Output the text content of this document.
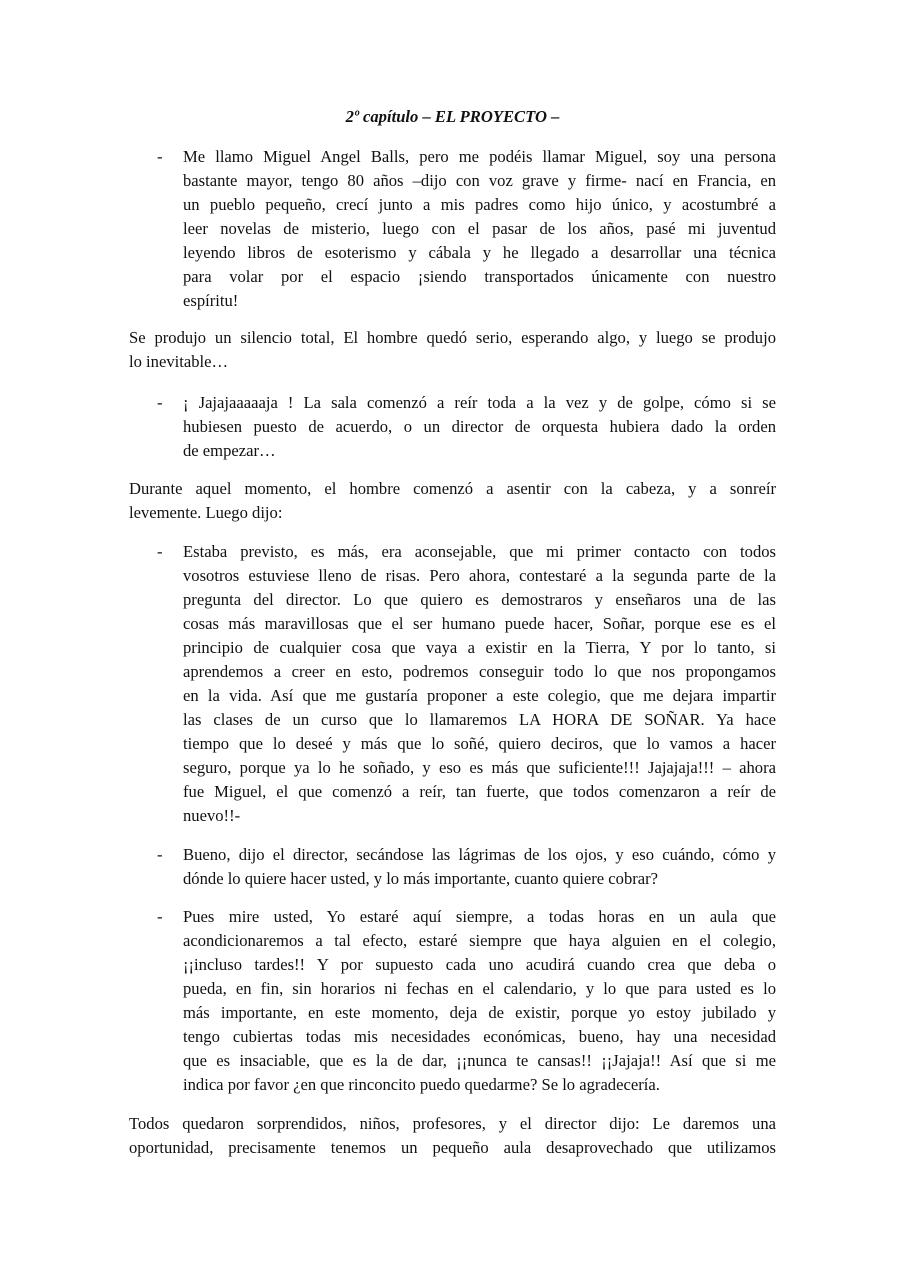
2º capítulo – EL PROYECTO –
- Me llamo Miguel Angel Balls, pero me podéis llamar Miguel, soy una persona
bastante mayor, tengo 80 años –dijo con voz grave y firme- nací en Francia, en
un pueblo pequeño, crecí junto a mis padres como hijo único, y acostumbré a
leer novelas de misterio, luego con el pasar de los años, pasé mi juventud
leyendo libros de esoterismo y cábala y he llegado a desarrollar una técnica
para volar por el espacio ¡siendo transportados únicamente con nuestro
espíritu!
Se produjo un silencio total, El hombre quedó serio, esperando algo, y luego se produjo
lo inevitable…
- ¡ Jajajaaaaaja ! La sala comenzó a reír toda a la vez y de golpe, cómo si se
hubiesen puesto de acuerdo, o un director de orquesta hubiera dado la orden
de empezar…
Durante aquel momento, el hombre comenzó a asentir con la cabeza, y a sonreír
levemente. Luego dijo:
- Estaba previsto, es más, era aconsejable, que mi primer contacto con todos
vosotros estuviese lleno de risas. Pero ahora, contestaré a la segunda parte de la
pregunta del director. Lo que quiero es demostraros y enseñaros una de las
cosas más maravillosas que el ser humano puede hacer, Soñar, porque ese es el
principio de cualquier cosa que vaya a existir en la Tierra, Y por lo tanto, si
aprendemos a creer en esto, podremos conseguir todo lo que nos propongamos
en la vida. Así que me gustaría proponer a este colegio, que me dejara impartir
las clases de un curso que lo llamaremos LA HORA DE SOÑAR. Ya hace
tiempo que lo deseé y más que lo soñé, quiero deciros, que lo vamos a hacer
seguro, porque ya lo he soñado, y eso es más que suficiente!!! Jajajaja!!! – ahora
fue Miguel, el que comenzó a reír, tan fuerte, que todos comenzaron a reír de
nuevo!!-
- Bueno, dijo el director, secándose las lágrimas de los ojos, y eso cuándo, cómo y
dónde lo quiere hacer usted, y lo más importante, cuanto quiere cobrar?
- Pues mire usted, Yo estaré aquí siempre, a todas horas en un aula que
acondicionaremos a tal efecto, estaré siempre que haya alguien en el colegio,
¡¡incluso tardes!! Y por supuesto cada uno acudirá cuando crea que deba o
pueda, en fin, sin horarios ni fechas en el calendario, y lo que para usted es lo
más importante, en este momento, deja de existir, porque yo estoy jubilado y
tengo cubiertas todas mis necesidades económicas, bueno, hay una necesidad
que es insaciable, que es la de dar, ¡¡nunca te cansas!! ¡¡Jajaja!! Así que si me
indica por favor ¿en que rinconcito puedo quedarme? Se lo agradecería.
Todos quedaron sorprendidos, niños, profesores, y el director dijo: Le daremos una
oportunidad, precisamente tenemos un pequeño aula desaprovechado que utilizamos
